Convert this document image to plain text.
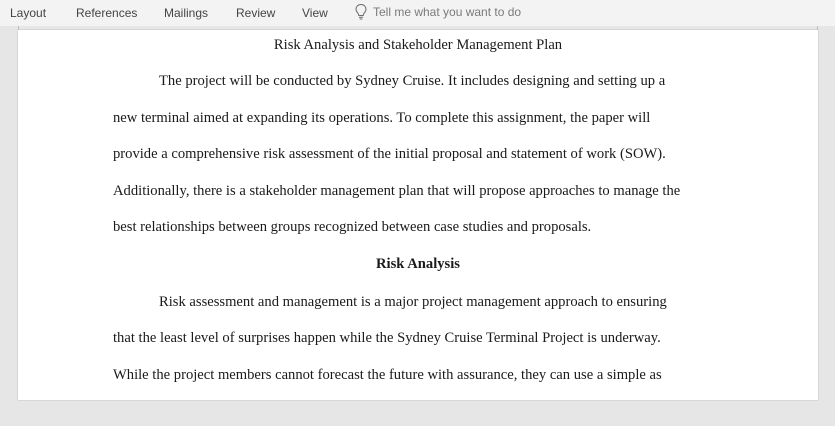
Layout References Mailings Review View	Tell me what you want to do
Risk Analysis and Stakeholder Management Plan
The project will be conducted by Sydney Cruise. It includes designing and setting up a
new terminal aimed at expanding its operations. To complete this assignment, the paper will
provide a comprehensive risk assessment of the initial proposal and statement of work (SOW).
Additionally, there is a stakeholder management plan that will propose approaches to manage the
best relationships between groups recognized between case studies and proposals.
Risk Analysis
Risk assessment and management is a major project management approach to ensuring
that the least level of surprises happen while the Sydney Cruise Terminal Project is underway.
While the project members cannot forecast the future with assurance, they can use a simple as
